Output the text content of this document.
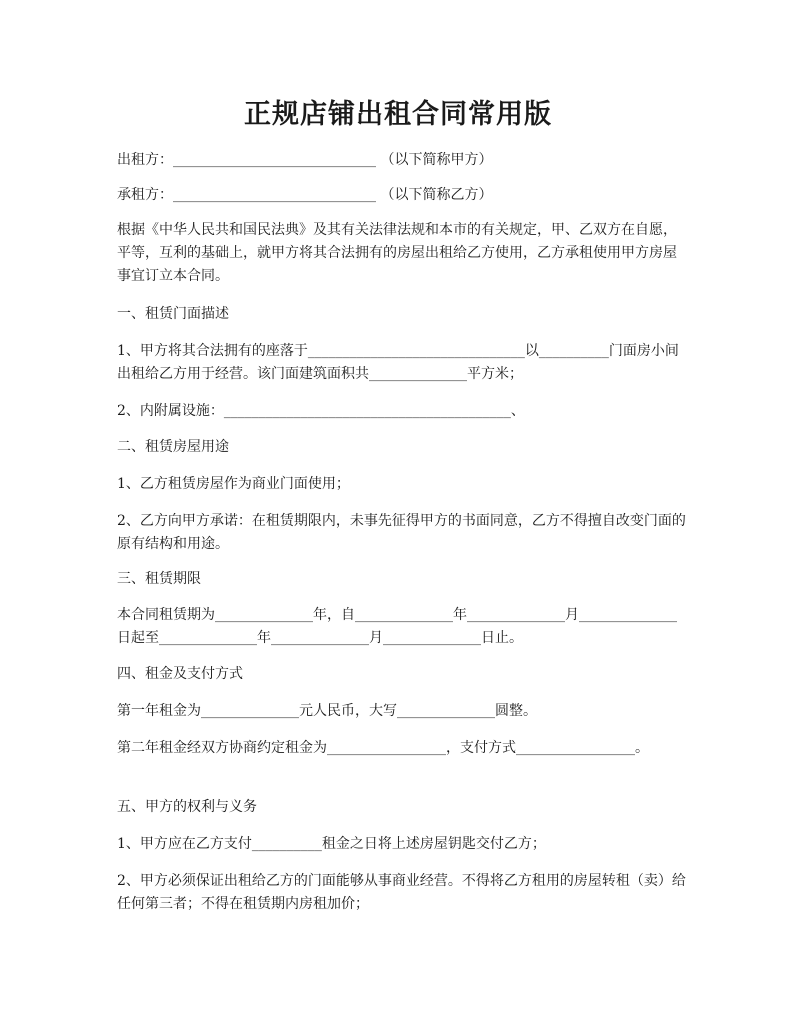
正规店铺出租合同常用版
出租方：_____________________________ （以下简称甲方）
承租方：_____________________________ （以下简称乙方）
根据《中华人民共和国民法典》及其有关法律法规和本市的有关规定，甲、乙双方在自愿，平等，互利的基础上，就甲方将其合法拥有的房屋出租给乙方使用，乙方承租使用甲方房屋事宜订立本合同。
一、租赁门面描述
1、甲方将其合法拥有的座落于_______________________________以__________门面房小间出租给乙方用于经营。该门面建筑面积共______________平方米；
2、内附属设施：_________________________________________、
二、租赁房屋用途
1、乙方租赁房屋作为商业门面使用；
2、乙方向甲方承诺：在租赁期限内，未事先征得甲方的书面同意，乙方不得擅自改变门面的原有结构和用途。
三、租赁期限
本合同租赁期为______________年，自______________年______________月______________日起至______________年______________月______________日止。
四、租金及支付方式
第一年租金为______________元人民币，大写______________圆整。
第二年租金经双方协商约定租金为_________________，支付方式_________________。
五、甲方的权利与义务
1、甲方应在乙方支付__________租金之日将上述房屋钥匙交付乙方；
2、甲方必须保证出租给乙方的门面能够从事商业经营。不得将乙方租用的房屋转租（卖）给任何第三者；不得在租赁期内房租加价；
